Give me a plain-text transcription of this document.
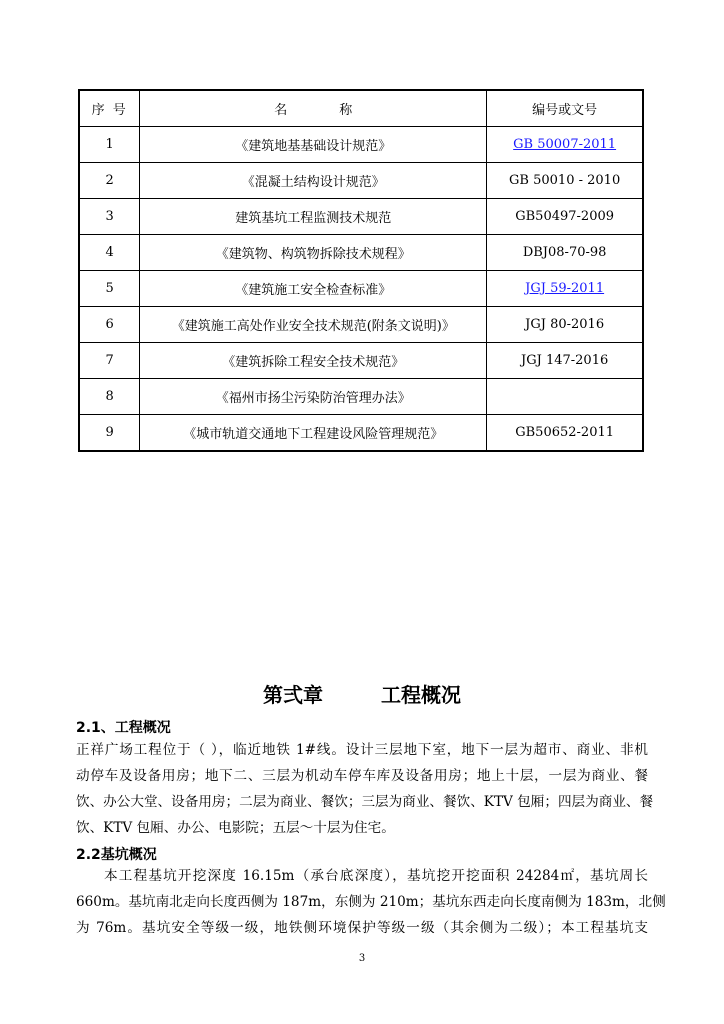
序 号	名　　　　称	编号或文号
1	《建筑地基基础设计规范》	GB 50007-2011
2	《混凝土结构设计规范》	GB 50010 - 2010
3	建筑基坑工程监测技术规范	GB50497-2009
4	《建筑物、构筑物拆除技术规程》	DBJ08-70-98
5	《建筑施工安全检查标准》	JGJ 59-2011
6	《建筑施工高处作业安全技术规范(附条文说明)》	JGJ 80-2016
7	《建筑拆除工程安全技术规范》	JGJ 147-2016
8	《福州市扬尘污染防治管理办法》	
9	《城市轨道交通地下工程建设风险管理规范》	GB50652-2011
第弍章	工程概况
2.1、工程概况
正祥广场工程位于（ ），临近地铁 1#线。设计三层地下室，地下一层为超市、商业、非机
动停车及设备用房；地下二、三层为机动车停车库及设备用房；地上十层，一层为商业、餐
饮、办公大堂、设备用房；二层为商业、餐饮；三层为商业、餐饮、KTV 包厢；四层为商业、餐
饮、KTV 包厢、办公、电影院；五层～十层为住宅。
2.2基坑概况
本工程基坑开挖深度 16.15m（承台底深度），基坑挖开挖面积 24284㎡，基坑周长
660m。基坑南北走向长度西侧为 187m，东侧为 210m；基坑东西走向长度南侧为 183m，北侧
为 76m。基坑安全等级一级，地铁侧环境保护等级一级（其余侧为二级）；本工程基坑支
3
